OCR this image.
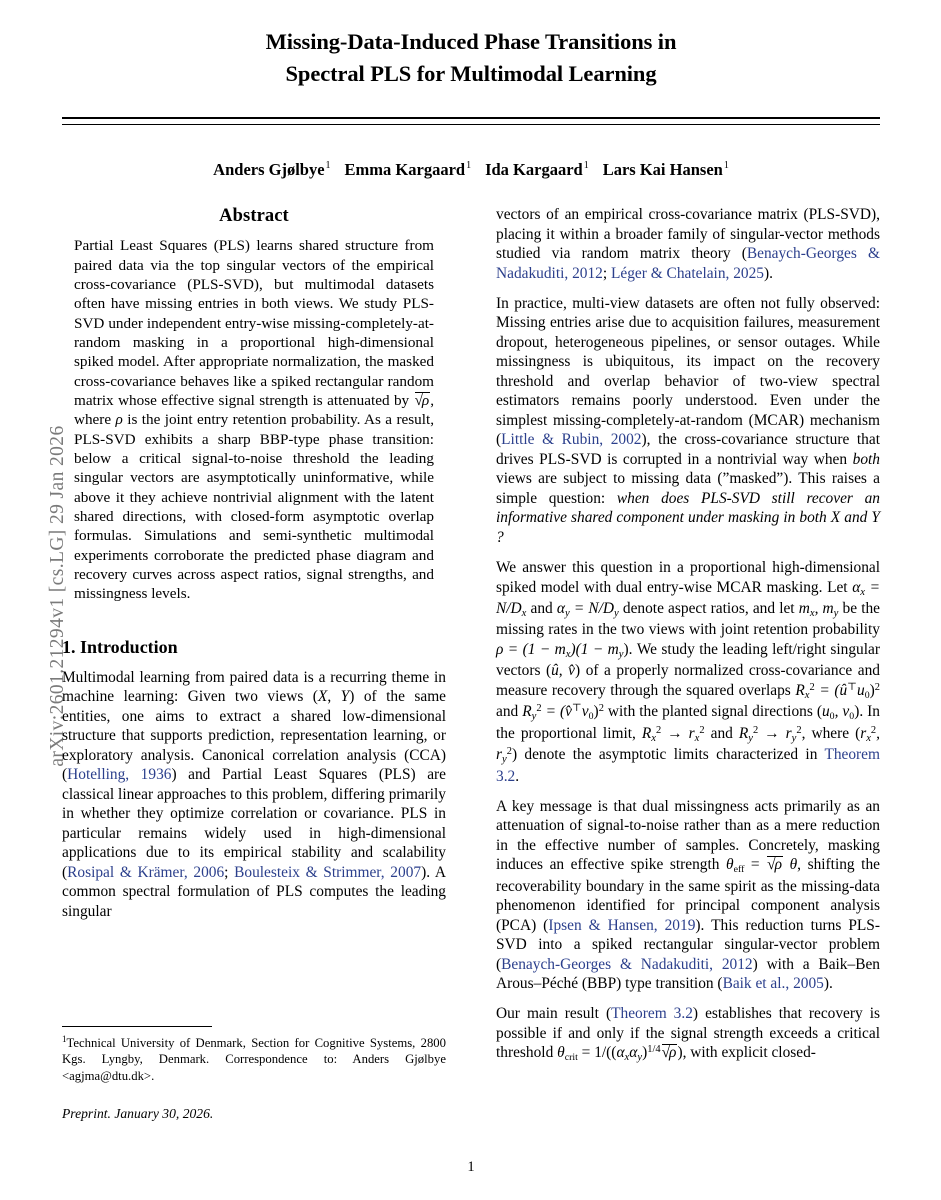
arXiv:2601.21294v1 [cs.LG] 29 Jan 2026
Missing-Data-Induced Phase Transitions in
Spectral PLS for Multimodal Learning
Anders Gjølbye$^1$ Emma Kargaard$^1$ Ida Kargaard$^1$ Lars Kai Hansen$^1$
Abstract
Partial Least Squares (PLS) learns shared structure from paired data via the top singular vectors of the empirical cross-covariance (PLS-SVD), but multimodal datasets often have missing entries in both views. We study PLS-SVD under independent entry-wise missing-completely-at-random masking in a proportional high-dimensional spiked model. After appropriate normalization, the masked cross-covariance behaves like a spiked rectangular random matrix whose effective signal strength is attenuated by √ρ, where ρ is the joint entry retention probability. As a result, PLS-SVD exhibits a sharp BBP-type phase transition: below a critical signal-to-noise threshold the leading singular vectors are asymptotically uninformative, while above it they achieve nontrivial alignment with the latent shared directions, with closed-form asymptotic overlap formulas. Simulations and semi-synthetic multimodal experiments corroborate the predicted phase diagram and recovery curves across aspect ratios, signal strengths, and missingness levels.
1. Introduction

Multimodal learning from paired data is a recurring theme in machine learning: Given two views (X, Y) of the same entities, one aims to extract a shared low-dimensional structure that supports prediction, representation learning, or exploratory analysis. Canonical correlation analysis (CCA) (Hotelling, 1936) and Partial Least Squares (PLS) are classical linear approaches to this problem, differing primarily in whether they optimize correlation or covariance. PLS in particular remains widely used in high-dimensional applications due to its empirical stability and scalability (Rosipal & Krämer, 2006; Boulesteix & Strimmer, 2007). A common spectral formulation of PLS computes the leading singular

vectors of an empirical cross-covariance matrix (PLS-SVD), placing it within a broader family of singular-vector methods studied via random matrix theory (Benaych-Georges & Nadakuditi, 2012; Léger & Chatelain, 2025).

In practice, multi-view datasets are often not fully observed: Missing entries arise due to acquisition failures, measurement dropout, heterogeneous pipelines, or sensor outages. While missingness is ubiquitous, its impact on the recovery threshold and overlap behavior of two-view spectral estimators remains poorly understood. Even under the simplest missing-completely-at-random (MCAR) mechanism (Little & Rubin, 2002), the cross-covariance structure that drives PLS-SVD is corrupted in a nontrivial way when both views are subject to missing data (”masked”). This raises a simple question: when does PLS-SVD still recover an informative shared component under masking in both X and Y ?

We answer this question in a proportional high-dimensional spiked model with dual entry-wise MCAR masking. Let $\alpha_x = N/D_x$ and $\alpha_y = N/D_y$ denote aspect ratios, and let $m_x$, $m_y$ be the missing rates in the two views with joint retention probability $\rho = (1 - m_x)(1 - m_y)$. We study the leading left/right singular vectors (û, v̂) of a properly normalized cross-covariance and measure recovery through the squared overlaps $R_x^2$ = (û⊤u0)$^2$ and $R_y^2$ = (v̂⊤v0)$^2$ with the planted signal directions (u0, v0). In the proportional limit, $R_x^2 \to r_x^2$ and $R_y^2 \to r_y^2$, where ($r_x^2$, $r_y^2$) denote the asymptotic limits characterized in Theorem 3.2.

A key message is that dual missingness acts primarily as an attenuation of signal-to-noise rather than as a mere reduction in the effective number of samples. Concretely, masking induces an effective spike strength θeff = √ρ θ, shifting the recoverability boundary in the same spirit as the missing-data phenomenon identified for principal component analysis (PCA) (Ipsen & Hansen, 2019). This reduction turns PLS-SVD into a spiked rectangular singular-vector problem (Benaych-Georges & Nadakuditi, 2012) with a Baik–Ben Arous–Péché (BBP) type transition (Baik et al., 2005).

Our main result (Theorem 3.2) establishes that recovery is possible if and only if the signal strength exceeds a critical threshold θcrit = $1/((\alpha_x\alpha_y)^{1/4}√\rho)$, with explicit closed-

$^1$Technical University of Denmark, Section for Cognitive Systems, 2800 Kgs. Lyngby, Denmark. Correspondence to: Anders Gjølbye <agjma@dtu.dk>.

Preprint. January 30, 2026.
1
